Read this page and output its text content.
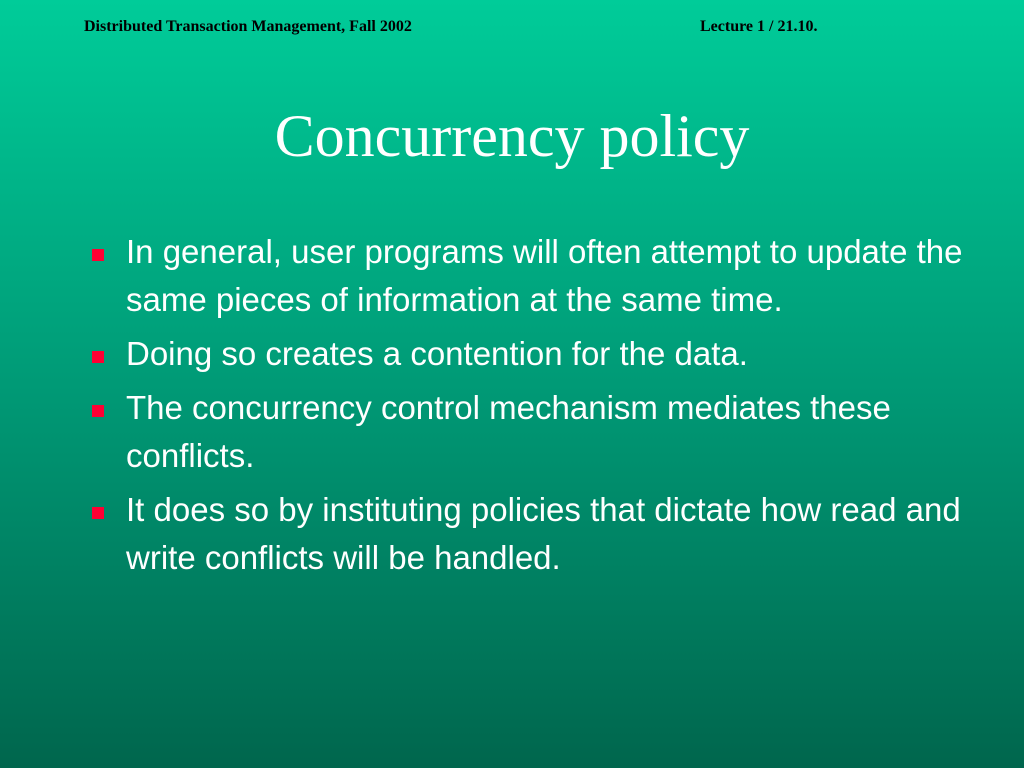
Distributed Transaction Management, Fall 2002	Lecture 1 / 21.10.
Concurrency policy
In general, user programs will often attempt to update the same pieces of information at the same time.
Doing so creates a contention for the data.
The concurrency control mechanism mediates these conflicts.
It does so by instituting policies that dictate how read and write conflicts will be handled.
